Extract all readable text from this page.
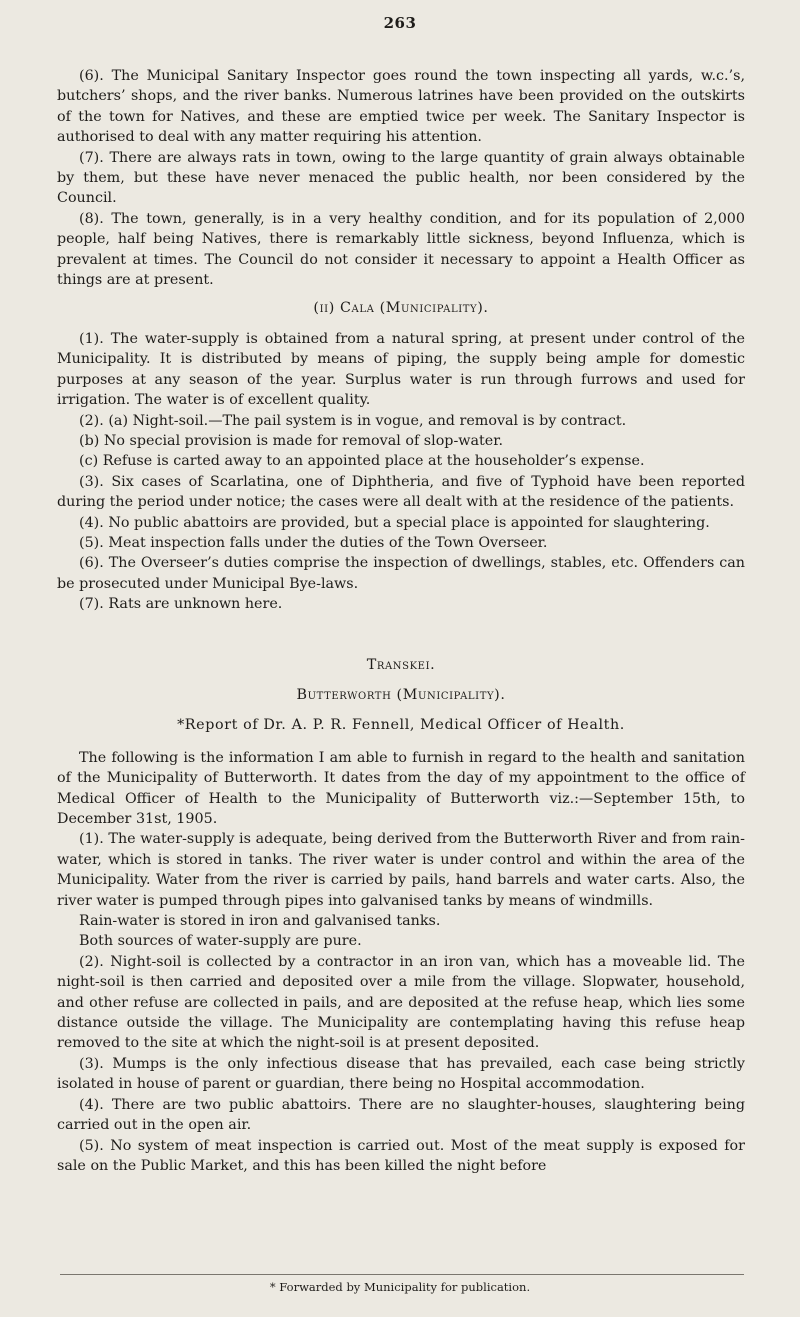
263

(6). The Municipal Sanitary Inspector goes round the town inspecting all yards, w.c.’s, butchers’ shops, and the river banks. Numerous latrines have been provided on the outskirts of the town for Natives, and these are emptied twice per week. The Sanitary Inspector is authorised to deal with any matter requiring his attention.

(7). There are always rats in town, owing to the large quantity of grain always obtainable by them, but these have never menaced the public health, nor been considered by the Council.

(8). The town, generally, is in a very healthy condition, and for its population of 2,000 people, half being Natives, there is remarkably little sickness, beyond Influenza, which is prevalent at times. The Council do not consider it necessary to appoint a Health Officer as things are at present.

(ii) Cala (Municipality).

(1). The water-supply is obtained from a natural spring, at present under control of the Municipality. It is distributed by means of piping, the supply being ample for domestic purposes at any season of the year. Surplus water is run through furrows and used for irrigation. The water is of excellent quality.

(2). (a) Night-soil.—The pail system is in vogue, and removal is by contract.

(b) No special provision is made for removal of slop-water.

(c) Refuse is carted away to an appointed place at the householder’s expense.

(3). Six cases of Scarlatina, one of Diphtheria, and five of Typhoid have been reported during the period under notice; the cases were all dealt with at the residence of the patients.

(4). No public abattoirs are provided, but a special place is appointed for slaughtering.

(5). Meat inspection falls under the duties of the Town Overseer.

(6). The Overseer’s duties comprise the inspection of dwellings, stables, etc. Offenders can be prosecuted under Municipal Bye-laws.

(7). Rats are unknown here.

Transkei.

Butterworth (Municipality).

*Report of Dr. A. P. R. Fennell, Medical Officer of Health.

The following is the information I am able to furnish in regard to the health and sanitation of the Municipality of Butterworth. It dates from the day of my appointment to the office of Medical Officer of Health to the Municipality of Butterworth viz.:—September 15th, to December 31st, 1905.

(1). The water-supply is adequate, being derived from the Butterworth River and from rain-water, which is stored in tanks. The river water is under control and within the area of the Municipality. Water from the river is carried by pails, hand barrels and water carts. Also, the river water is pumped through pipes into galvanised tanks by means of windmills.

Rain-water is stored in iron and galvanised tanks.

Both sources of water-supply are pure.

(2). Night-soil is collected by a contractor in an iron van, which has a moveable lid. The night-soil is then carried and deposited over a mile from the village. Slopwater, household, and other refuse are collected in pails, and are deposited at the refuse heap, which lies some distance outside the village. The Municipality are contemplating having this refuse heap removed to the site at which the night-soil is at present deposited.

(3). Mumps is the only infectious disease that has prevailed, each case being strictly isolated in house of parent or guardian, there being no Hospital accommodation.

(4). There are two public abattoirs. There are no slaughter-houses, slaughtering being carried out in the open air.

(5). No system of meat inspection is carried out. Most of the meat supply is exposed for sale on the Public Market, and this has been killed the night before

* Forwarded by Municipality for publication.
